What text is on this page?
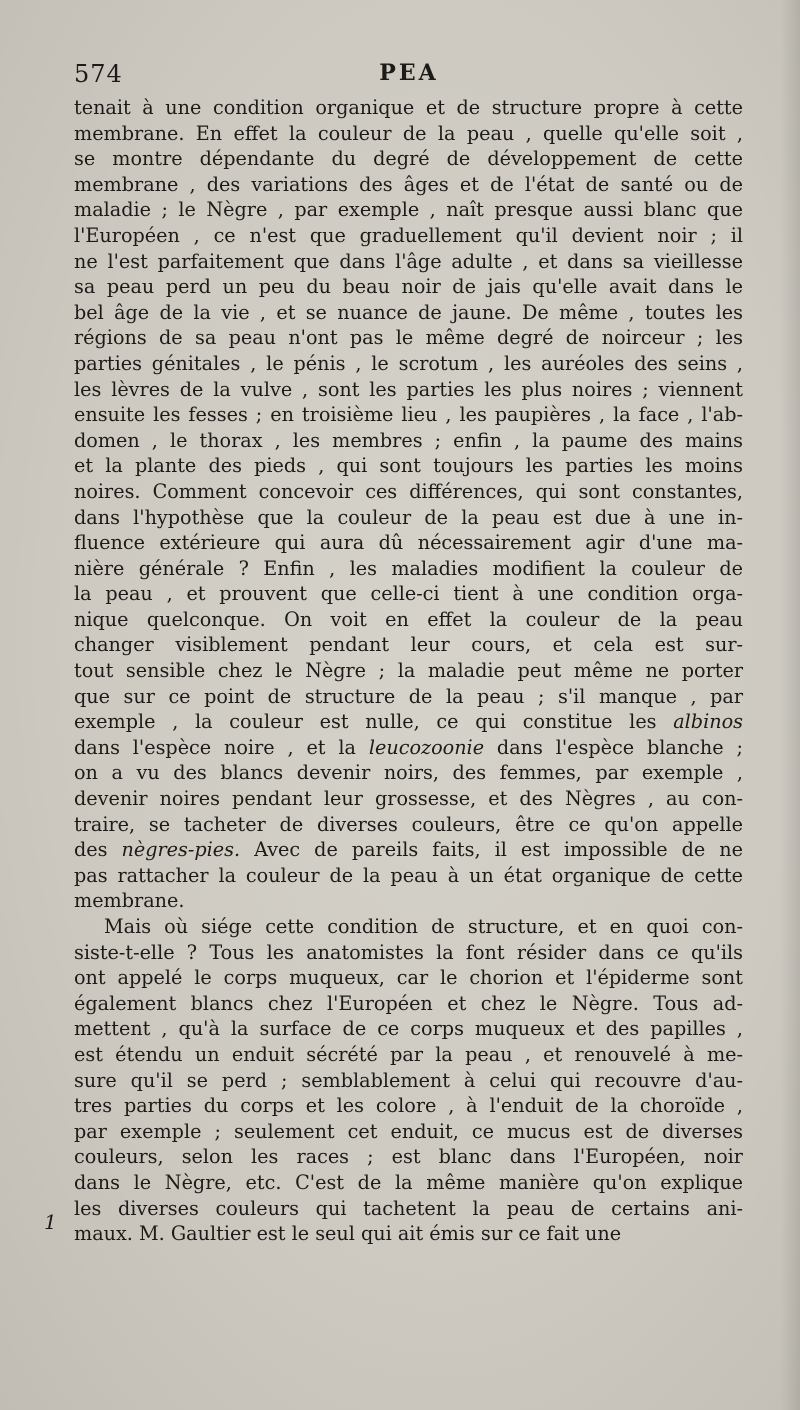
574	PEA
tenait à une condition organique et de structure propre à cette
membrane. En effet la couleur de la peau , quelle qu'elle soit ,
se montre dépendante du degré de développement de cette
membrane , des variations des âges et de l'état de santé ou de
maladie ; le Nègre , par exemple , naît presque aussi blanc que
l'Européen , ce n'est que graduellement qu'il devient noir ; il
ne l'est parfaitement que dans l'âge adulte , et dans sa vieillesse
sa peau perd un peu du beau noir de jais qu'elle avait dans le
bel âge de la vie , et se nuance de jaune. De même , toutes les
régions de sa peau n'ont pas le même degré de noirceur ; les
parties génitales , le pénis , le scrotum , les auréoles des seins ,
les lèvres de la vulve , sont les parties les plus noires ; viennent
ensuite les fesses ; en troisième lieu , les paupières , la face , l'ab-
domen , le thorax , les membres ; enfin , la paume des mains
et la plante des pieds , qui sont toujours les parties les moins
noires. Comment concevoir ces différences, qui sont constantes,
dans l'hypothèse que la couleur de la peau est due à une in-
fluence extérieure qui aura dû nécessairement agir d'une ma-
nière générale ? Enfin , les maladies modifient la couleur de
la peau , et prouvent que celle-ci tient à une condition orga-
nique quelconque. On voit en effet la couleur de la peau
changer visiblement pendant leur cours, et cela est sur-
tout sensible chez le Nègre ; la maladie peut même ne porter
que sur ce point de structure de la peau ; s'il manque , par
exemple , la couleur est nulle, ce qui constitue les albinos
dans l'espèce noire , et la leucozoonie dans l'espèce blanche ;
on a vu des blancs devenir noirs, des femmes, par exemple ,
devenir noires pendant leur grossesse, et des Nègres , au con-
traire, se tacheter de diverses couleurs, être ce qu'on appelle
des nègres-pies. Avec de pareils faits, il est impossible de ne
pas rattacher la couleur de la peau à un état organique de cette
membrane.
Mais où siége cette condition de structure, et en quoi con-
siste-t-elle ? Tous les anatomistes la font résider dans ce qu'ils
ont appelé le corps muqueux, car le chorion et l'épiderme sont
également blancs chez l'Européen et chez le Nègre. Tous ad-
mettent , qu'à la surface de ce corps muqueux et des papilles ,
est étendu un enduit sécrété par la peau , et renouvelé à me-
sure qu'il se perd ; semblablement à celui qui recouvre d'au-
tres parties du corps et les colore , à l'enduit de la choroïde ,
par exemple ; seulement cet enduit, ce mucus est de diverses
couleurs, selon les races ; est blanc dans l'Européen, noir
dans le Nègre, etc. C'est de la même manière qu'on explique
les diverses couleurs qui tachetent la peau de certains ani-
maux. M. Gaultier est le seul qui ait émis sur ce fait une
1
